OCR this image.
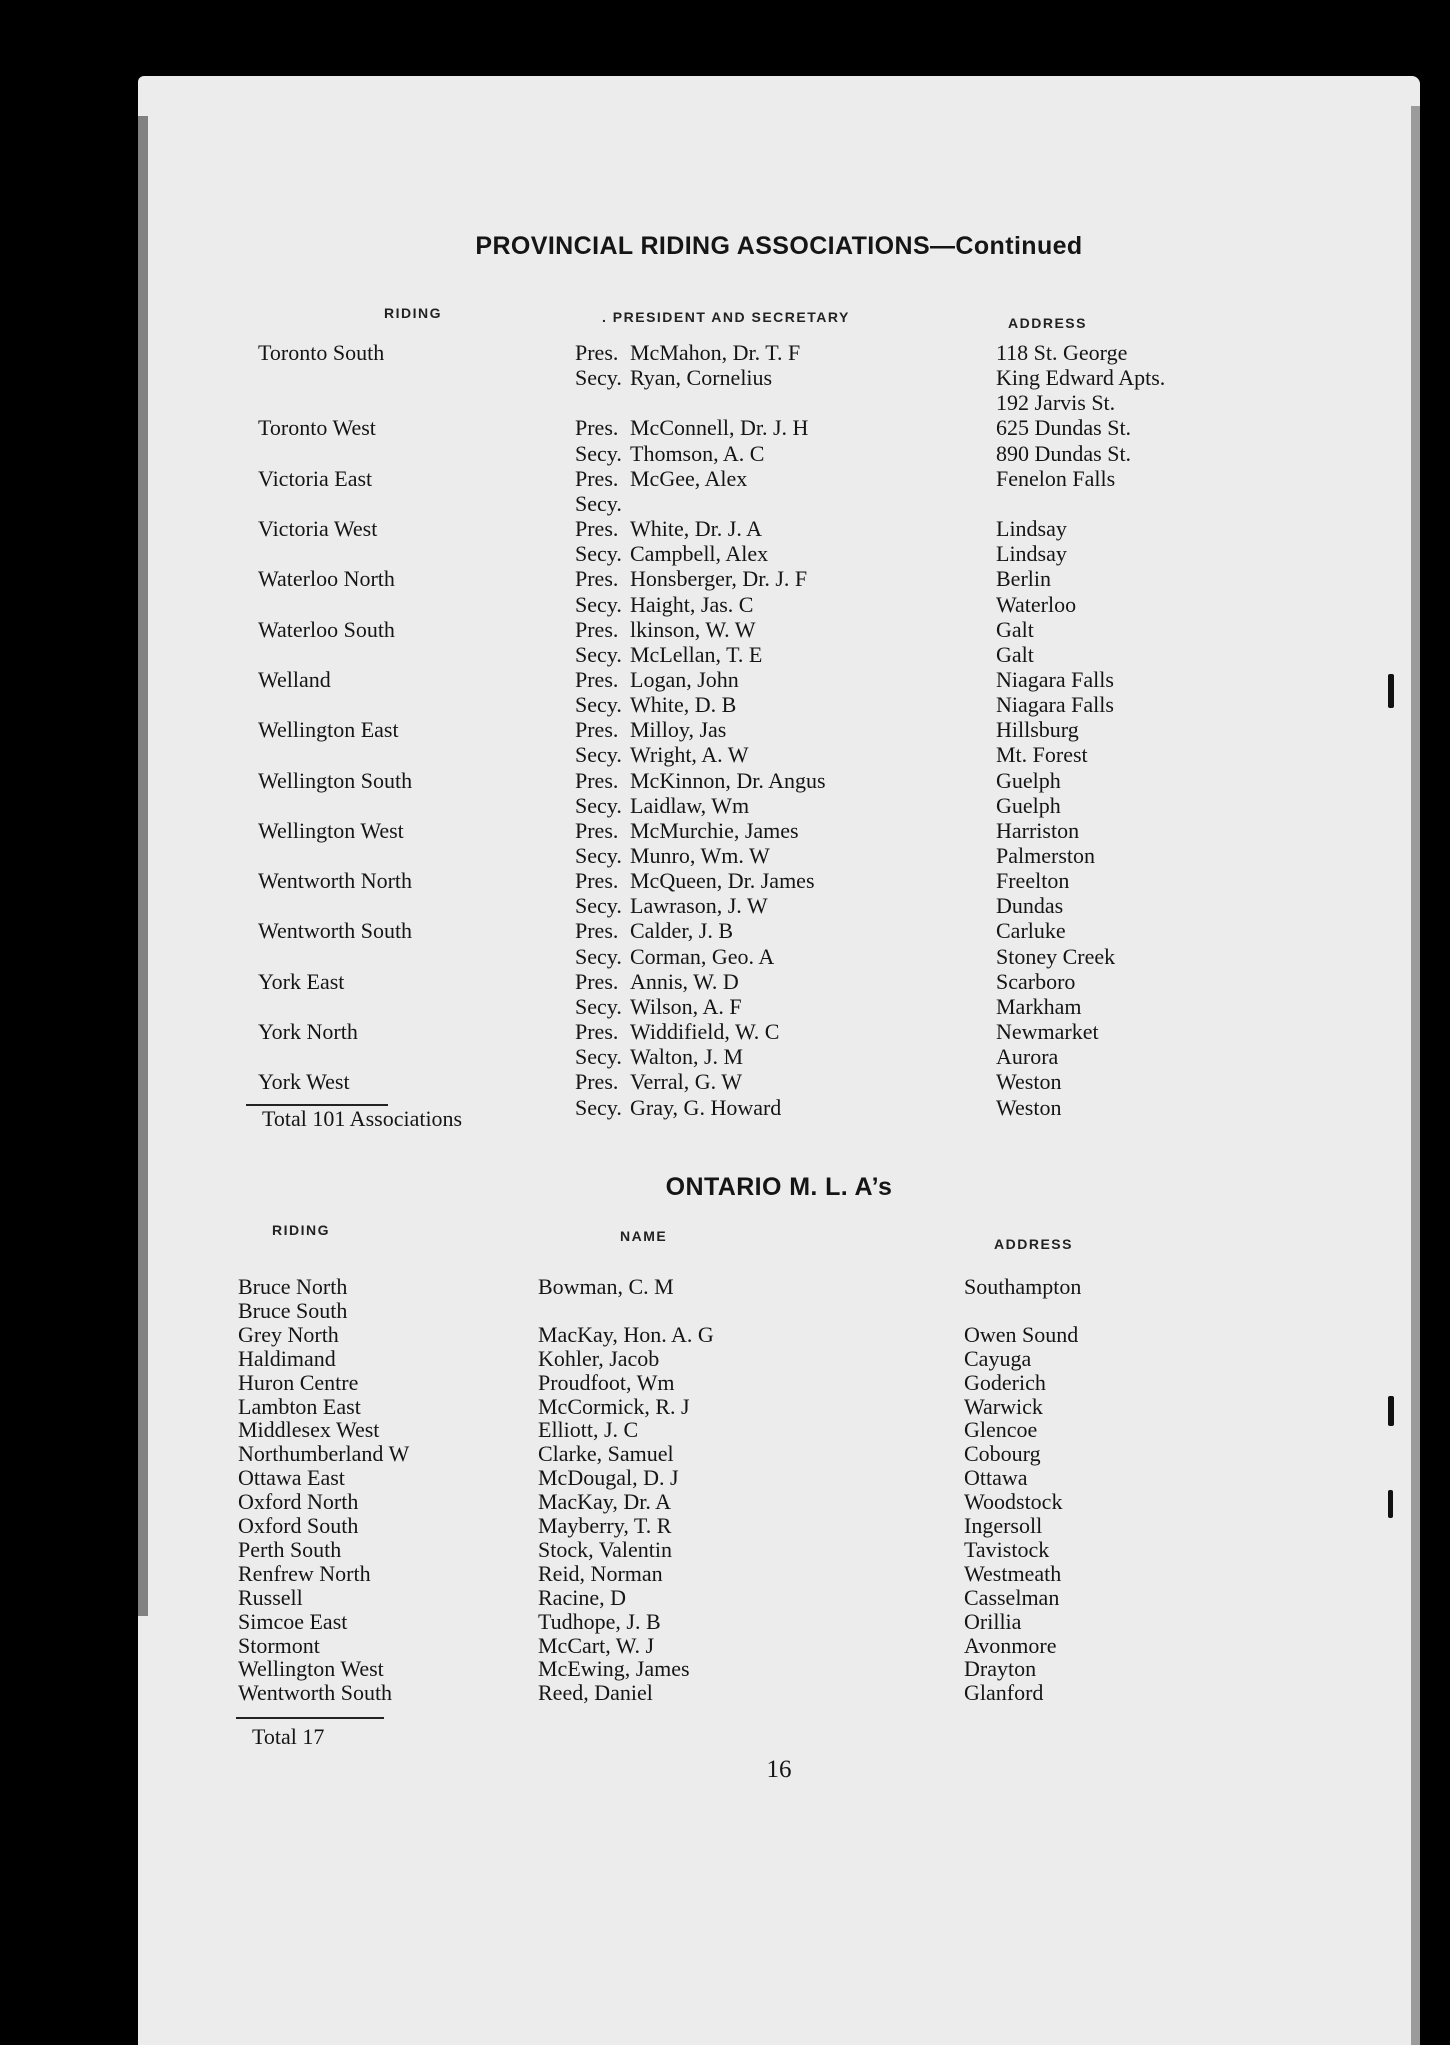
PROVINCIAL RIDING ASSOCIATIONS—Continued
RIDING	. PRESIDENT AND SECRETARY	ADDRESS
Toronto South	Pres. McMahon, Dr. T. F	118 St. George
Secy. Ryan, Cornelius	King Edward Apts.
192 Jarvis St.
Toronto West	Pres. McConnell, Dr. J. H	625 Dundas St.
Secy. Thomson, A. C	890 Dundas St.
Victoria East	Pres. McGee, Alex	Fenelon Falls
Secy.
Victoria West	Pres. White, Dr. J. A	Lindsay
Secy. Campbell, Alex	Lindsay
Waterloo North	Pres. Honsberger, Dr. J. F	Berlin
Secy. Haight, Jas. C	Waterloo
Waterloo South	Pres. lkinson, W. W	Galt
Secy. McLellan, T. E	Galt
Welland	Pres. Logan, John	Niagara Falls
Secy. White, D. B	Niagara Falls
Wellington East	Pres. Milloy, Jas	Hillsburg
Secy. Wright, A. W	Mt. Forest
Wellington South	Pres. McKinnon, Dr. Angus	Guelph
Secy. Laidlaw, Wm	Guelph
Wellington West	Pres. McMurchie, James	Harriston
Secy. Munro, Wm. W	Palmerston
Wentworth North	Pres. McQueen, Dr. James	Freelton
Secy. Lawrason, J. W	Dundas
Wentworth South	Pres. Calder, J. B	Carluke
Secy. Corman, Geo. A	Stoney Creek
York East	Pres. Annis, W. D	Scarboro
Secy. Wilson, A. F	Markham
York North	Pres. Widdifield, W. C	Newmarket
Secy. Walton, J. M	Aurora
York West	Pres. Verral, G. W	Weston
Secy. Gray, G. Howard	Weston
Total 101 Associations
ONTARIO M. L. A’s
RIDING	NAME	ADDRESS
Bruce North	Bowman, C. M	Southampton
Bruce South
Grey North	MacKay, Hon. A. G	Owen Sound
Haldimand	Kohler, Jacob	Cayuga
Huron Centre	Proudfoot, Wm	Goderich
Lambton East	McCormick, R. J	Warwick
Middlesex West	Elliott, J. C	Glencoe
Northumberland W	Clarke, Samuel	Cobourg
Ottawa East	McDougal, D. J	Ottawa
Oxford North	MacKay, Dr. A	Woodstock
Oxford South	Mayberry, T. R	Ingersoll
Perth South	Stock, Valentin	Tavistock
Renfrew North	Reid, Norman	Westmeath
Russell	Racine, D	Casselman
Simcoe East	Tudhope, J. B	Orillia
Stormont	McCart, W. J	Avonmore
Wellington West	McEwing, James	Drayton
Wentworth South	Reed, Daniel	Glanford
Total 17
16
